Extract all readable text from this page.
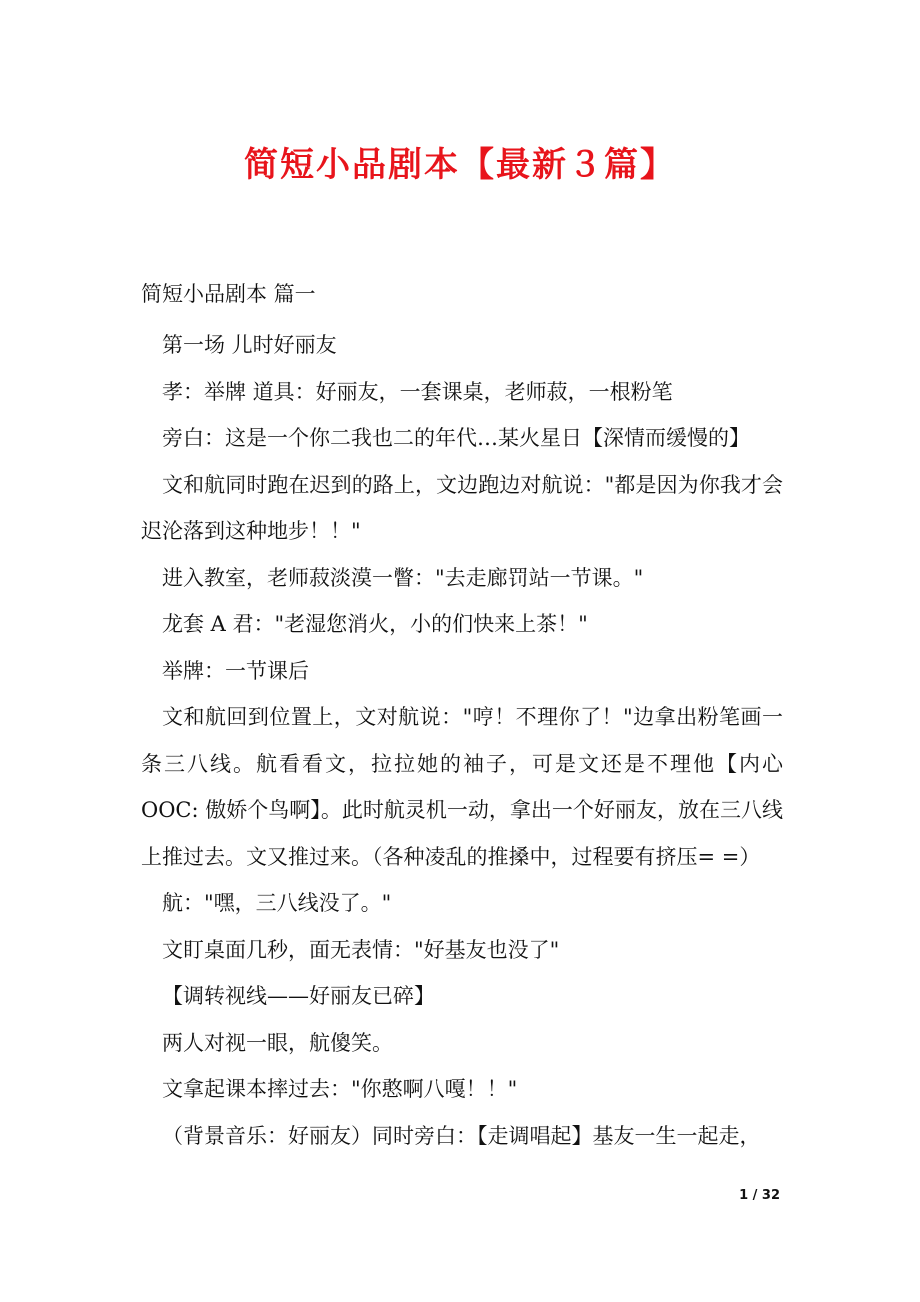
简短小品剧本【最新３篇】
简短小品剧本 篇一

第一场 儿时好丽友

孝：举牌 道具：好丽友，一套课桌，老师菽，一根粉笔

旁白：这是一个你二我也二的年代…某火星日【深情而缓慢的】

文和航同时跑在迟到的路上，文边跑边对航说："都是因为你我才会迟沦落到这种地步！！"

进入教室，老师菽淡漠一瞥："去走廊罚站一节课。"

龙套 A 君："老湿您消火，小的们快来上茶！"

举牌：一节课后

文和航回到位置上，文对航说："哼！不理你了！"边拿出粉笔画一条三八线。航看看文，拉拉她的袖子，可是文还是不理他【内心 OOC: 傲娇个鸟啊】。此时航灵机一动，拿出一个好丽友，放在三八线上推过去。文又推过来。（各种凌乱的推搡中，过程要有挤压= =）

航："嘿，三八线没了。"

文盯桌面几秒，面无表情："好基友也没了"

【调转视线——好丽友已碎】

两人对视一眼，航傻笑。

文拿起课本摔过去："你憨啊八嘎！！"

（背景音乐：好丽友）同时旁白：【走调唱起】基友一生一起走，

1 / 32
